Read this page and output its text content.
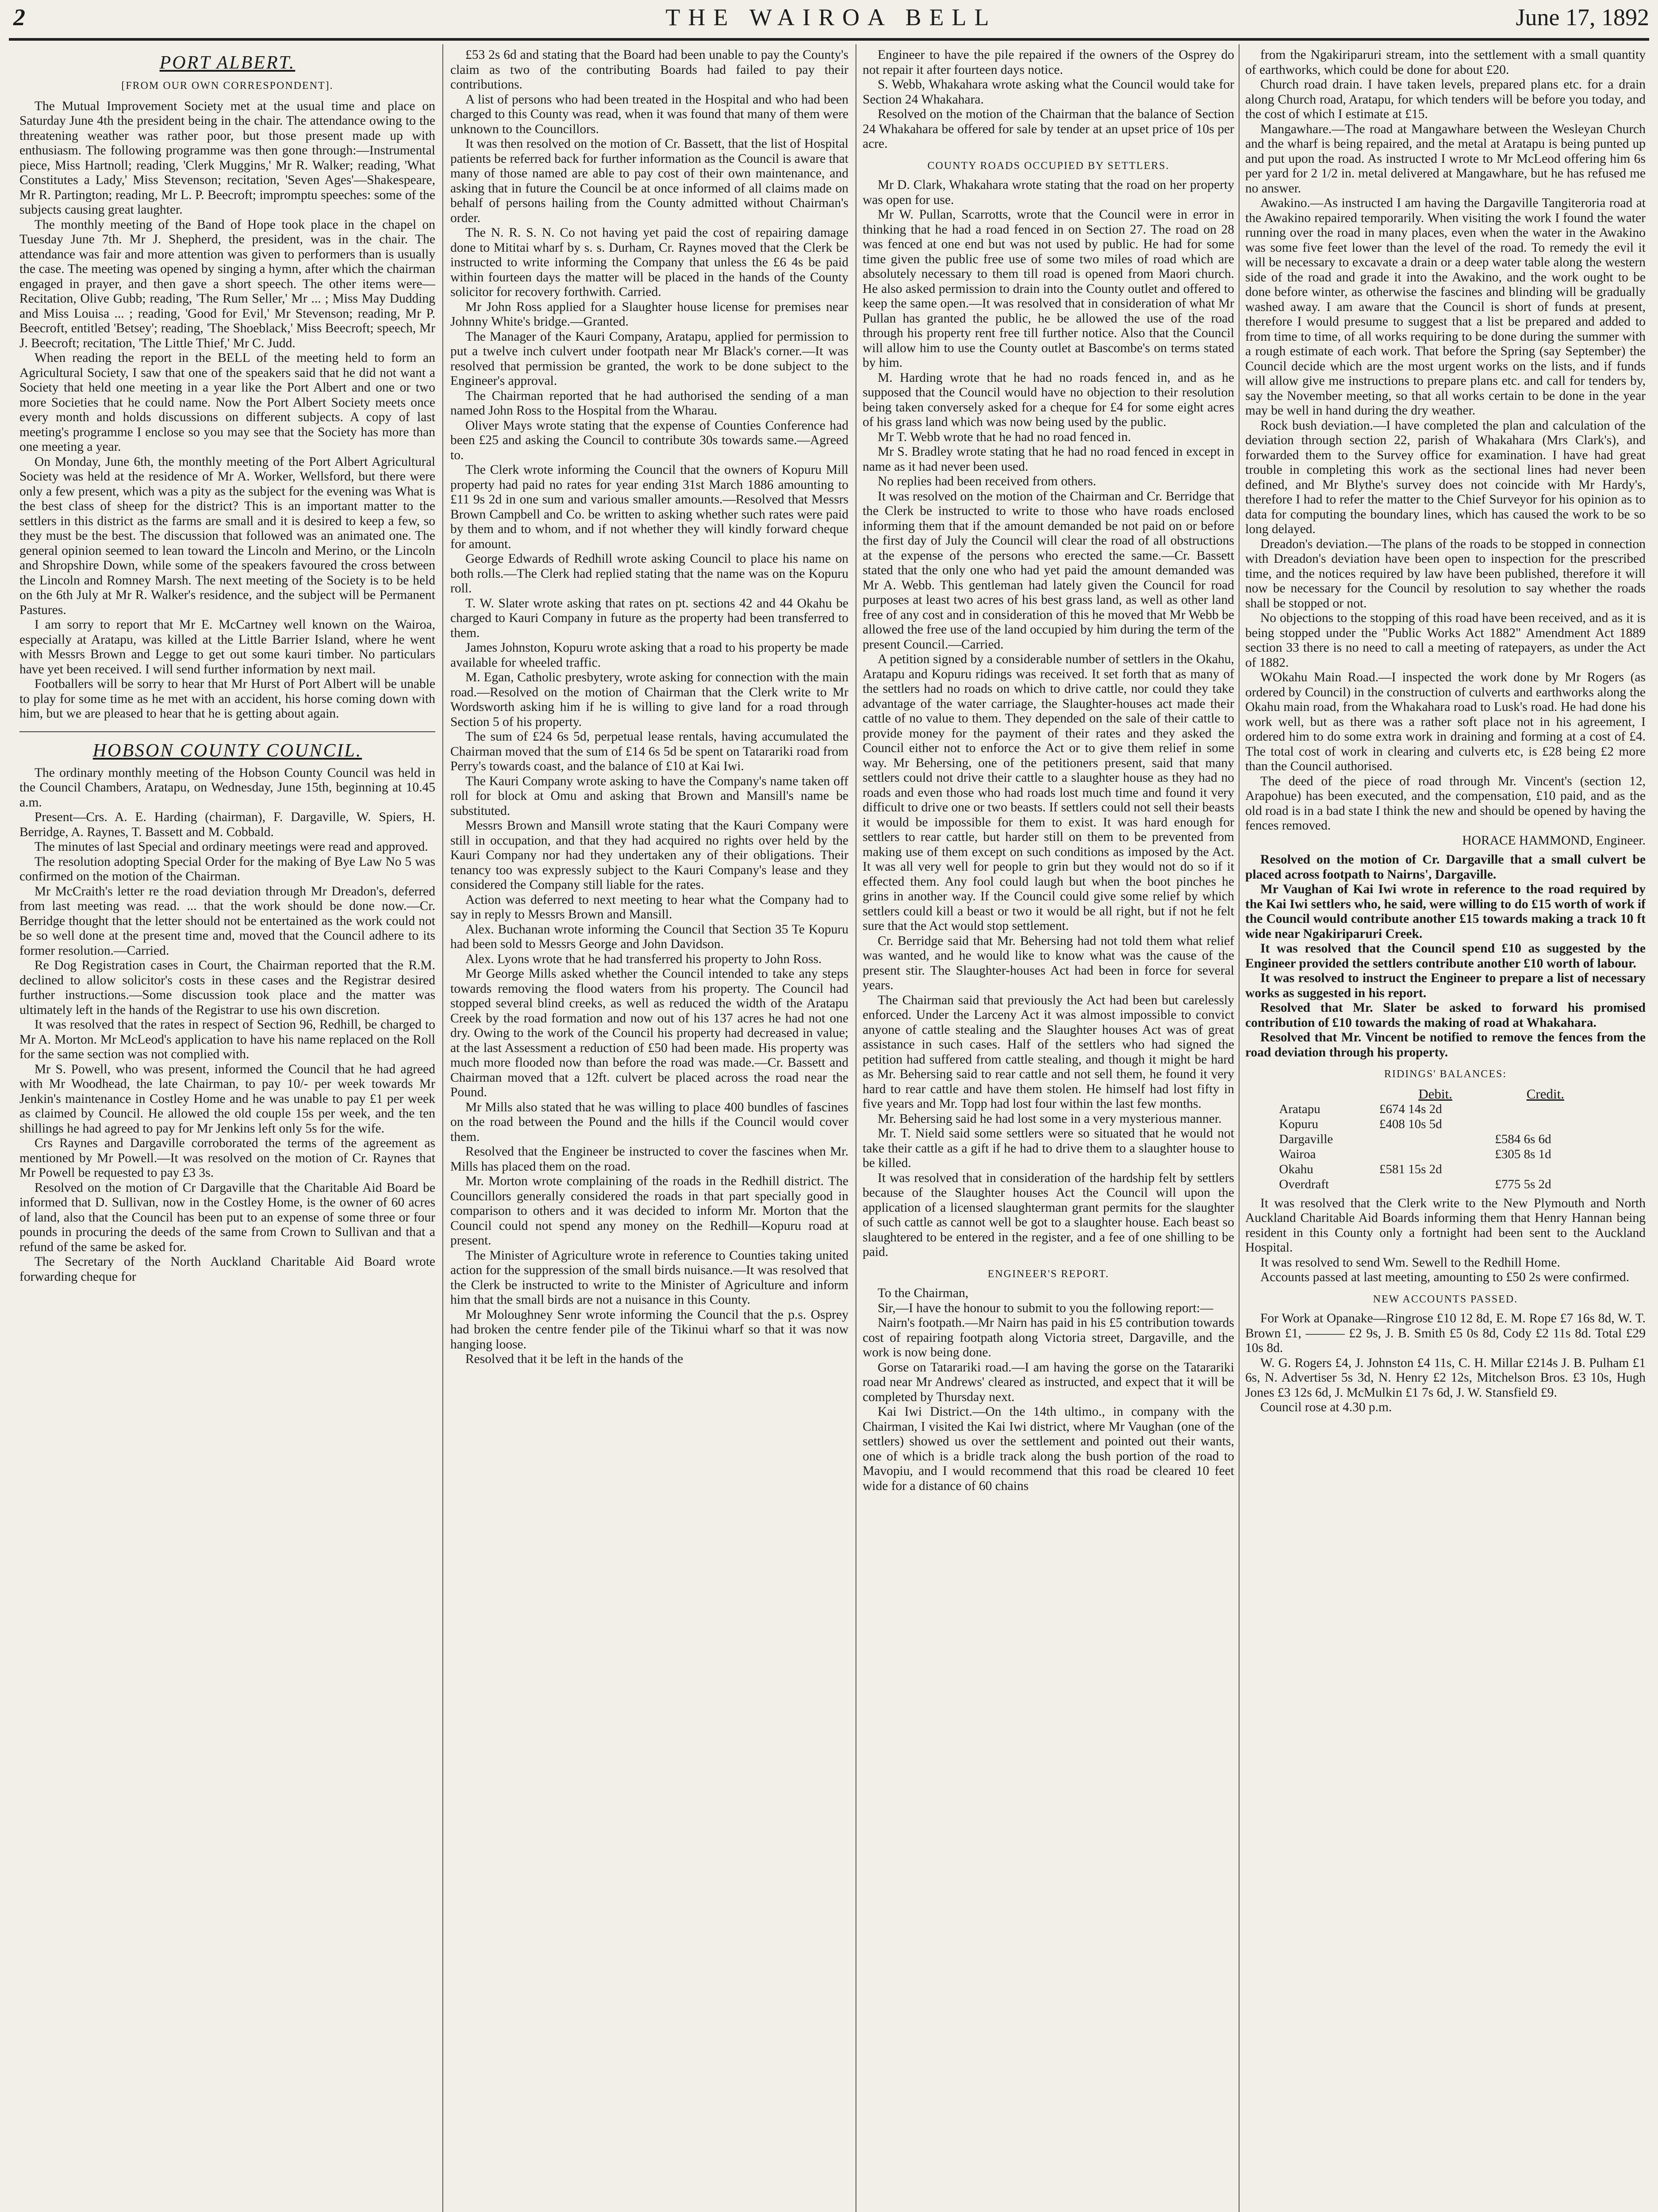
2	THE WAIROA BELL	June 17, 1892
PORT ALBERT.
[FROM OUR OWN CORRESPONDENT].

The Mutual Improvement Society met at the usual time and place on Saturday June 4th the president being in the chair. The attendance owing to the threatening weather was rather poor, but those present made up with enthusiasm. The following programme was then gone through:—Instrumental piece, Miss Hartnoll; reading, 'Clerk Muggins,' Mr R. Walker; reading, 'What Constitutes a Lady,' Miss Stevenson; recitation, 'Seven Ages'—Shakespeare, Mr R. Partington; reading, Mr L. P. Beecroft; impromptu speeches: some of the subjects causing great laughter.

The monthly meeting of the Band of Hope took place in the chapel on Tuesday June 7th. Mr J. Shepherd, the president, was in the chair. The attendance was fair and more attention was given to performers than is usually the case. The meeting was opened by singing a hymn, after which the chairman engaged in prayer, and then gave a short speech. The other items were—Recitation, Olive Gubb; reading, 'The Rum Seller,' Mr ... ; Miss May Dudding and Miss Louisa ... ; reading, 'Good for Evil,' Mr Stevenson; reading, Mr P. Beecroft, entitled 'Betsey'; reading, 'The Shoeblack,' Miss Beecroft; speech, Mr J. Beecroft; recitation, 'The Little Thief,' Mr C. Judd.

When reading the report in the BELL of the meeting held to form an Agricultural Society, I saw that one of the speakers said that he did not want a Society that held one meeting in a year like the Port Albert and one or two more Societies that he could name. Now the Port Albert Society meets once every month and holds discussions on different subjects. A copy of last meeting's programme I enclose so you may see that the Society has more than one meeting a year.

On Monday, June 6th, the monthly meeting of the Port Albert Agricultural Society was held at the residence of Mr A. Worker, Wellsford, but there were only a few present, which was a pity as the subject for the evening was What is the best class of sheep for the district? This is an important matter to the settlers in this district as the farms are small and it is desired to keep a few, so they must be the best. The discussion that followed was an animated one. The general opinion seemed to lean toward the Lincoln and Merino, or the Lincoln and Shropshire Down, while some of the speakers favoured the cross between the Lincoln and Romney Marsh. The next meeting of the Society is to be held on the 6th July at Mr R. Walker's residence, and the subject will be Permanent Pastures.

I am sorry to report that Mr E. McCartney well known on the Wairoa, especially at Aratapu, was killed at the Little Barrier Island, where he went with Messrs Brown and Legge to get out some kauri timber. No particulars have yet been received. I will send further information by next mail.

Footballers will be sorry to hear that Mr Hurst of Port Albert will be unable to play for some time as he met with an accident, his horse coming down with him, but we are pleased to hear that he is getting about again.

HOBSON COUNTY COUNCIL.

The ordinary monthly meeting of the Hobson County Council was held in the Council Chambers, Aratapu, on Wednesday, June 15th, beginning at 10.45 a.m.

Present—Crs. A. E. Harding (chairman), F. Dargaville, W. Spiers, H. Berridge, A. Raynes, T. Bassett and M. Cobbald.

The minutes of last Special and ordinary meetings were read and approved.

The resolution adopting Special Order for the making of Bye Law No 5 was confirmed on the motion of the Chairman.

Mr McCraith's letter re the road deviation through Mr Dreadon's, deferred from last meeting was read. ... that the work should be done now.—Cr. Berridge thought that the letter should not be entertained as the work could not be so well done at the present time and, moved that the Council adhere to its former resolution.—Carried.

Re Dog Registration cases in Court, the Chairman reported that the R.M. declined to allow solicitor's costs in these cases and the Registrar desired further instructions.—Some discussion took place and the matter was ultimately left in the hands of the Registrar to use his own discretion.

It was resolved that the rates in respect of Section 96, Redhill, be charged to Mr A. Morton. Mr McLeod's application to have his name replaced on the Roll for the same section was not complied with.

Mr S. Powell, who was present, informed the Council that he had agreed with Mr Woodhead, the late Chairman, to pay 10/- per week towards Mr Jenkin's maintenance in Costley Home and he was unable to pay £1 per week as claimed by Council. He allowed the old couple 15s per week, and the ten shillings he had agreed to pay for Mr Jenkins left only 5s for the wife.

Crs Raynes and Dargaville corroborated the terms of the agreement as mentioned by Mr Powell.—It was resolved on the motion of Cr. Raynes that Mr Powell be requested to pay £3 3s.

Resolved on the motion of Cr Dargaville that the Charitable Aid Board be informed that D. Sullivan, now in the Costley Home, is the owner of 60 acres of land, also that the Council has been put to an expense of some three or four pounds in procuring the deeds of the same from Crown to Sullivan and that a refund of the same be asked for.

The Secretary of the North Auckland Charitable Aid Board wrote forwarding cheque for

£53 2s 6d and stating that the Board had been unable to pay the County's claim as two of the contributing Boards had failed to pay their contributions.

A list of persons who had been treated in the Hospital and who had been charged to this County was read, when it was found that many of them were unknown to the Councillors.

It was then resolved on the motion of Cr. Bassett, that the list of Hospital patients be referred back for further information as the Council is aware that many of those named are able to pay cost of their own maintenance, and asking that in future the Council be at once informed of all claims made on behalf of persons hailing from the County admitted without Chairman's order.

The N. R. S. N. Co not having yet paid the cost of repairing damage done to Mititai wharf by s. s. Durham, Cr. Raynes moved that the Clerk be instructed to write informing the Company that unless the £6 4s be paid within fourteen days the matter will be placed in the hands of the County solicitor for recovery forthwith. Carried.

Mr John Ross applied for a Slaughter house license for premises near Johnny White's bridge.—Granted.

The Manager of the Kauri Company, Aratapu, applied for permission to put a twelve inch culvert under footpath near Mr Black's corner.—It was resolved that permission be granted, the work to be done subject to the Engineer's approval.

The Chairman reported that he had authorised the sending of a man named John Ross to the Hospital from the Wharau.

Oliver Mays wrote stating that the expense of Counties Conference had been £25 and asking the Council to contribute 30s towards same.—Agreed to.

The Clerk wrote informing the Council that the owners of Kopuru Mill property had paid no rates for year ending 31st March 1886 amounting to £11 9s 2d in one sum and various smaller amounts.—Resolved that Messrs Brown Campbell and Co. be written to asking whether such rates were paid by them and to whom, and if not whether they will kindly forward cheque for amount.

George Edwards of Redhill wrote asking Council to place his name on both rolls.—The Clerk had replied stating that the name was on the Kopuru roll.

T. W. Slater wrote asking that rates on pt. sections 42 and 44 Okahu be charged to Kauri Company in future as the property had been transferred to them.

James Johnston, Kopuru wrote asking that a road to his property be made available for wheeled traffic.

M. Egan, Catholic presbytery, wrote asking for connection with the main road.—Resolved on the motion of Chairman that the Clerk write to Mr Wordsworth asking him if he is willing to give land for a road through Section 5 of his property.

The sum of £24 6s 5d, perpetual lease rentals, having accumulated the Chairman moved that the sum of £14 6s 5d be spent on Tatarariki road from Perry's towards coast, and the balance of £10 at Kai Iwi.

The Kauri Company wrote asking to have the Company's name taken off roll for block at Omu and asking that Brown and Mansill's name be substituted.

Messrs Brown and Mansill wrote stating that the Kauri Company were still in occupation, and that they had acquired no rights over held by the Kauri Company nor had they undertaken any of their obligations. Their tenancy too was expressly subject to the Kauri Company's lease and they considered the Company still liable for the rates.

Action was deferred to next meeting to hear what the Company had to say in reply to Messrs Brown and Mansill.

Alex. Buchanan wrote informing the Council that Section 35 Te Kopuru had been sold to Messrs George and John Davidson.

Alex. Lyons wrote that he had transferred his property to John Ross.

Mr George Mills asked whether the Council intended to take any steps towards removing the flood waters from his property. The Council had stopped several blind creeks, as well as reduced the width of the Aratapu Creek by the road formation and now out of his 137 acres he had not one dry. Owing to the work of the Council his property had decreased in value; at the last Assessment a reduction of £50 had been made. His property was much more flooded now than before the road was made.—Cr. Bassett and Chairman moved that a 12ft. culvert be placed across the road near the Pound.

Mr Mills also stated that he was willing to place 400 bundles of fascines on the road between the Pound and the hills if the Council would cover them.

Resolved that the Engineer be instructed to cover the fascines when Mr. Mills has placed them on the road.

Mr. Morton wrote complaining of the roads in the Redhill district. The Councillors generally considered the roads in that part specially good in comparison to others and it was decided to inform Mr. Morton that the Council could not spend any money on the Redhill—Kopuru road at present.

The Minister of Agriculture wrote in reference to Counties taking united action for the suppression of the small birds nuisance.—It was resolved that the Clerk be instructed to write to the Minister of Agriculture and inform him that the small birds are not a nuisance in this County.

Mr Moloughney Senr wrote informing the Council that the p.s. Osprey had broken the centre fender pile of the Tikinui wharf so that it was now hanging loose.

Resolved that it be left in the hands of the

Engineer to have the pile repaired if the owners of the Osprey do not repair it after fourteen days notice.

S. Webb, Whakahara wrote asking what the Council would take for Section 24 Whakahara.

Resolved on the motion of the Chairman that the balance of Section 24 Whakahara be offered for sale by tender at an upset price of 10s per acre.

COUNTY ROADS OCCUPIED BY SETTLERS.

Mr D. Clark, Whakahara wrote stating that the road on her property was open for use.

Mr W. Pullan, Scarrotts, wrote that the Council were in error in thinking that he had a road fenced in on Section 27. The road on 28 was fenced at one end but was not used by public. He had for some time given the public free use of some two miles of road which are absolutely necessary to them till road is opened from Maori church. He also asked permission to drain into the County outlet and offered to keep the same open.—It was resolved that in consideration of what Mr Pullan has granted the public, he be allowed the use of the road through his property rent free till further notice. Also that the Council will allow him to use the County outlet at Bascombe's on terms stated by him.

M. Harding wrote that he had no roads fenced in, and as he supposed that the Council would have no objection to their resolution being taken conversely asked for a cheque for £4 for some eight acres of his grass land which was now being used by the public.

Mr T. Webb wrote that he had no road fenced in.

Mr S. Bradley wrote stating that he had no road fenced in except in name as it had never been used.

No replies had been received from others.

It was resolved on the motion of the Chairman and Cr. Berridge that the Clerk be instructed to write to those who have roads enclosed informing them that if the amount demanded be not paid on or before the first day of July the Council will clear the road of all obstructions at the expense of the persons who erected the same.—Cr. Bassett stated that the only one who had yet paid the amount demanded was Mr A. Webb. This gentleman had lately given the Council for road purposes at least two acres of his best grass land, as well as other land free of any cost and in consideration of this he moved that Mr Webb be allowed the free use of the land occupied by him during the term of the present Council.—Carried.

A petition signed by a considerable number of settlers in the Okahu, Aratapu and Kopuru ridings was received. It set forth that as many of the settlers had no roads on which to drive cattle, nor could they take advantage of the water carriage, the Slaughter-houses act made their cattle of no value to them. They depended on the sale of their cattle to provide money for the payment of their rates and they asked the Council either not to enforce the Act or to give them relief in some way. Mr Behersing, one of the petitioners present, said that many settlers could not drive their cattle to a slaughter house as they had no roads and even those who had roads lost much time and found it very difficult to drive one or two beasts. If settlers could not sell their beasts it would be impossible for them to exist. It was hard enough for settlers to rear cattle, but harder still on them to be prevented from making use of them except on such conditions as imposed by the Act. It was all very well for people to grin but they would not do so if it effected them. Any fool could laugh but when the boot pinches he grins in another way. If the Council could give some relief by which settlers could kill a beast or two it would be all right, but if not he felt sure that the Act would stop settlement.

Cr. Berridge said that Mr. Behersing had not told them what relief was wanted, and he would like to know what was the cause of the present stir. The Slaughter-houses Act had been in force for several years.

The Chairman said that previously the Act had been but carelessly enforced. Under the Larceny Act it was almost impossible to convict anyone of cattle stealing and the Slaughter houses Act was of great assistance in such cases. Half of the settlers who had signed the petition had suffered from cattle stealing, and though it might be hard as Mr. Behersing said to rear cattle and not sell them, he found it very hard to rear cattle and have them stolen. He himself had lost fifty in five years and Mr. Topp had lost four within the last few months.

Mr. Behersing said he had lost some in a very mysterious manner.

Mr. T. Nield said some settlers were so situated that he would not take their cattle as a gift if he had to drive them to a slaughter house to be killed.

It was resolved that in consideration of the hardship felt by settlers because of the Slaughter houses Act the Council will upon the application of a licensed slaughterman grant permits for the slaughter of such cattle as cannot well be got to a slaughter house. Each beast so slaughtered to be entered in the register, and a fee of one shilling to be paid.

ENGINEER'S REPORT.

To the Chairman,

Sir,—I have the honour to submit to you the following report:—

Nairn's footpath.—Mr Nairn has paid in his £5 contribution towards cost of repairing footpath along Victoria street, Dargaville, and the work is now being done.

Gorse on Tatarariki road.—I am having the gorse on the Tatarariki road near Mr Andrews' cleared as instructed, and expect that it will be completed by Thursday next.

Kai Iwi District.—On the 14th ultimo., in company with the Chairman, I visited the Kai Iwi district, where Mr Vaughan (one of the settlers) showed us over the settlement and pointed out their wants, one of which is a bridle track along the bush portion of the road to Mavopiu, and I would recommend that this road be cleared 10 feet wide for a distance of 60 chains

from the Ngakiriparuri stream, into the settlement with a small quantity of earthworks, which could be done for about £20.

Church road drain. I have taken levels, prepared plans etc. for a drain along Church road, Aratapu, for which tenders will be before you today, and the cost of which I estimate at £15.

Mangawhare.—The road at Mangawhare between the Wesleyan Church and the wharf is being repaired, and the metal at Aratapu is being punted up and put upon the road. As instructed I wrote to Mr McLeod offering him 6s per yard for 2 1/2 in. metal delivered at Mangawhare, but he has refused me no answer.

Awakino.—As instructed I am having the Dargaville Tangiteroria road at the Awakino repaired temporarily. When visiting the work I found the water running over the road in many places, even when the water in the Awakino was some five feet lower than the level of the road. To remedy the evil it will be necessary to excavate a drain or a deep water table along the western side of the road and grade it into the Awakino, and the work ought to be done before winter, as otherwise the fascines and blinding will be gradually washed away. I am aware that the Council is short of funds at present, therefore I would presume to suggest that a list be prepared and added to from time to time, of all works requiring to be done during the summer with a rough estimate of each work. That before the Spring (say September) the Council decide which are the most urgent works on the lists, and if funds will allow give me instructions to prepare plans etc. and call for tenders by, say the November meeting, so that all works certain to be done in the year may be well in hand during the dry weather.

Rock bush deviation.—I have completed the plan and calculation of the deviation through section 22, parish of Whakahara (Mrs Clark's), and forwarded them to the Survey office for examination. I have had great trouble in completing this work as the sectional lines had never been defined, and Mr Blythe's survey does not coincide with Mr Hardy's, therefore I had to refer the matter to the Chief Surveyor for his opinion as to data for computing the boundary lines, which has caused the work to be so long delayed.

Dreadon's deviation.—The plans of the roads to be stopped in connection with Dreadon's deviation have been open to inspection for the prescribed time, and the notices required by law have been published, therefore it will now be necessary for the Council by resolution to say whether the roads shall be stopped or not.

No objections to the stopping of this road have been received, and as it is being stopped under the "Public Works Act 1882" Amendment Act 1889 section 33 there is no need to call a meeting of ratepayers, as under the Act of 1882.

WOkahu Main Road.—I inspected the work done by Mr Rogers (as ordered by Council) in the construction of culverts and earthworks along the Okahu main road, from the Whakahara road to Lusk's road. He had done his work well, but as there was a rather soft place not in his agreement, I ordered him to do some extra work in draining and forming at a cost of £4. The total cost of work in clearing and culverts etc, is £28 being £2 more than the Council authorised.

The deed of the piece of road through Mr. Vincent's (section 12, Arapohue) has been executed, and the compensation, £10 paid, and as the old road is in a bad state I think the new and should be opened by having the fences removed.

HORACE HAMMOND, Engineer.

Resolved on the motion of Cr. Dargaville that a small culvert be placed across footpath to Nairns', Dargaville.

Mr Vaughan of Kai Iwi wrote in reference to the road required by the Kai Iwi settlers who, he said, were willing to do £15 worth of work if the Council would contribute another £15 towards making a track 10 ft wide near Ngakiriparuri Creek.

It was resolved that the Council spend £10 as suggested by the Engineer provided the settlers contribute another £10 worth of labour.

It was resolved to instruct the Engineer to prepare a list of necessary works as suggested in his report.

Resolved that Mr. Slater be asked to forward his promised contribution of £10 towards the making of road at Whakahara.

Resolved that Mr. Vincent be notified to remove the fences from the road deviation through his property.

RIDINGS' BALANCES:
	Debit.	Credit.
Aratapu	£674 14s 2d	
Kopuru	£408 10s 5d	
Dargaville		£584 6s 6d
Wairoa		£305 8s 1d
Okahu	£581 15s 2d	
Overdraft		£775 5s 2d

It was resolved that the Clerk write to the New Plymouth and North Auckland Charitable Aid Boards informing them that Henry Hannan being resident in this County only a fortnight had been sent to the Auckland Hospital.

It was resolved to send Wm. Sewell to the Redhill Home.

Accounts passed at last meeting, amounting to £50 2s were confirmed.

NEW ACCOUNTS PASSED.

For Work at Opanake—Ringrose £10 12 8d, E. M. Rope £7 16s 8d, W. T. Brown £1, ——— £2 9s, J. B. Smith £5 0s 8d, Cody £2 11s 8d. Total £29 10s 8d.

W. G. Rogers £4, J. Johnston £4 11s, C. H. Millar £214s J. B. Pulham £1 6s, N. Advertiser 5s 3d, N. Henry £2 12s, Mitchelson Bros. £3 10s, Hugh Jones £3 12s 6d, J. McMulkin £1 7s 6d, J. W. Stansfield £9.

Council rose at 4.30 p.m.
